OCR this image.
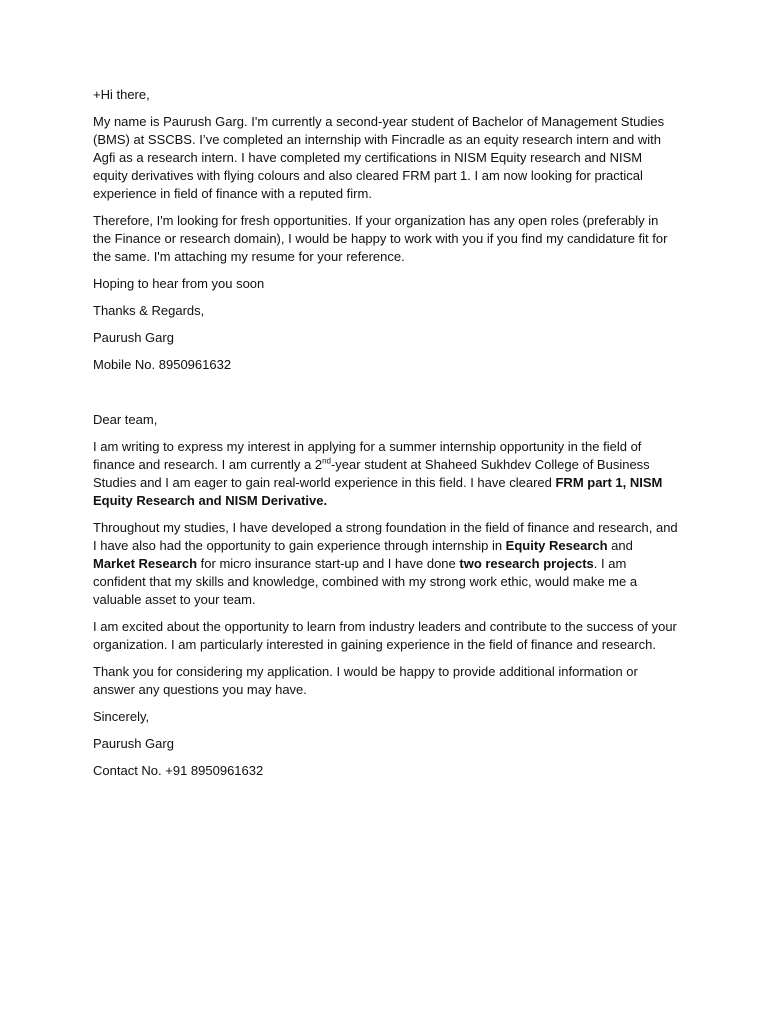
+Hi there,

My name is Paurush Garg. I'm currently a second-year student of Bachelor of Management Studies (BMS) at SSCBS. I’ve completed an internship with Fincradle as an equity research intern and with Agfi as a research intern. I have completed my certifications in NISM Equity research and NISM equity derivatives with flying colours and also cleared FRM part 1. I am now looking for practical experience in field of finance with a reputed firm.

Therefore, I'm looking for fresh opportunities. If your organization has any open roles (preferably in the Finance or research domain), I would be happy to work with you if you find my candidature fit for the same. I'm attaching my resume for your reference.

Hoping to hear from you soon

Thanks & Regards,

Paurush Garg

Mobile No. 8950961632

Dear team,

I am writing to express my interest in applying for a summer internship opportunity in the field of finance and research. I am currently a 2nd-year student at Shaheed Sukhdev College of Business Studies and I am eager to gain real-world experience in this field. I have cleared FRM part 1, NISM Equity Research and NISM Derivative.

Throughout my studies, I have developed a strong foundation in the field of finance and research, and I have also had the opportunity to gain experience through internship in Equity Research and Market Research for micro insurance start-up and I have done two research projects. I am confident that my skills and knowledge, combined with my strong work ethic, would make me a valuable asset to your team.

I am excited about the opportunity to learn from industry leaders and contribute to the success of your organization. I am particularly interested in gaining experience in the field of finance and research.

Thank you for considering my application. I would be happy to provide additional information or answer any questions you may have.

Sincerely,

Paurush Garg

Contact No. +91 8950961632
